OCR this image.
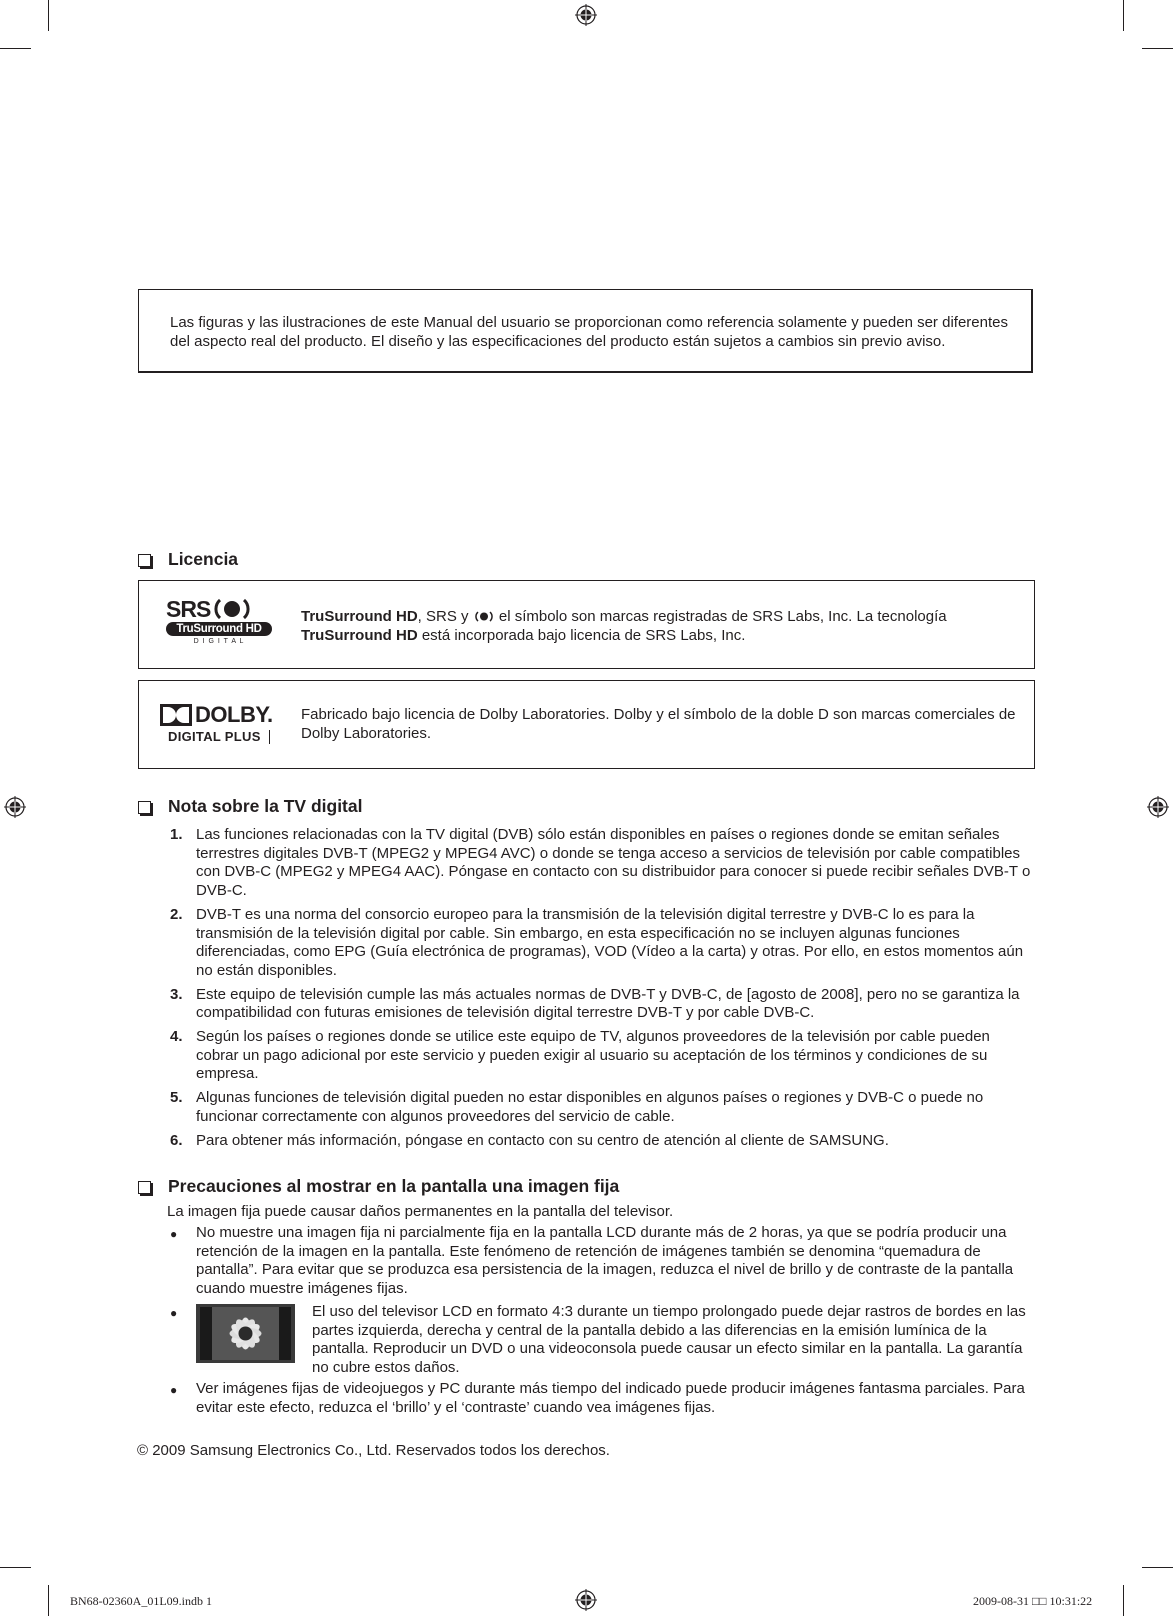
Las figuras y las ilustraciones de este Manual del usuario se proporcionan como referencia solamente y pueden ser diferentes del aspecto real del producto. El diseño y las especificaciones del producto están sujetos a cambios sin previo aviso.
Licencia
SRS
TruSurround HD
D I G I T A L
TruSurround HD, SRS y  el símbolo son marcas registradas de SRS Labs, Inc. La tecnología TruSurround HD está incorporada bajo licencia de SRS Labs, Inc.
DOLBY.
DIGITAL PLUS
Fabricado bajo licencia de Dolby Laboratories. Dolby y el símbolo de la doble D son marcas comerciales de Dolby Laboratories.
Nota sobre la TV digital
1. Las funciones relacionadas con la TV digital (DVB) sólo están disponibles en países o regiones donde se emitan señales terrestres digitales DVB-T (MPEG2 y MPEG4 AVC) o donde se tenga acceso a servicios de televisión por cable compatibles con DVB-C (MPEG2 y MPEG4 AAC). Póngase en contacto con su distribuidor para conocer si puede recibir señales DVB-T o DVB-C.
2. DVB-T es una norma del consorcio europeo para la transmisión de la televisión digital terrestre y DVB-C lo es para la transmisión de la televisión digital por cable. Sin embargo, en esta especificación no se incluyen algunas funciones diferenciadas, como EPG (Guía electrónica de programas), VOD (Vídeo a la carta) y otras. Por ello, en estos momentos aún no están disponibles.
3. Este equipo de televisión cumple las más actuales normas de DVB-T y DVB-C, de [agosto de 2008], pero no se garantiza la compatibilidad con futuras emisiones de televisión digital terrestre DVB-T y por cable DVB-C.
4. Según los países o regiones donde se utilice este equipo de TV, algunos proveedores de la televisión por cable pueden cobrar un pago adicional por este servicio y pueden exigir al usuario su aceptación de los términos y condiciones de su empresa.
5. Algunas funciones de televisión digital pueden no estar disponibles en algunos países o regiones y DVB-C o puede no funcionar correctamente con algunos proveedores del servicio de cable.
6. Para obtener más información, póngase en contacto con su centro de atención al cliente de SAMSUNG.
Precauciones al mostrar en la pantalla una imagen fija
La imagen fija puede causar daños permanentes en la pantalla del televisor.
●	No muestre una imagen fija ni parcialmente fija en la pantalla LCD durante más de 2 horas, ya que se podría producir una retención de la imagen en la pantalla. Este fenómeno de retención de imágenes también se denomina “quemadura de pantalla”. Para evitar que se produzca esa persistencia de la imagen, reduzca el nivel de brillo y de contraste de la pantalla cuando muestre imágenes fijas.
●	El uso del televisor LCD en formato 4:3 durante un tiempo prolongado puede dejar rastros de bordes en las partes izquierda, derecha y central de la pantalla debido a las diferencias en la emisión lumínica de la pantalla. Reproducir un DVD o una videoconsola puede causar un efecto similar en la pantalla. La garantía no cubre estos daños.
●	Ver imágenes fijas de videojuegos y PC durante más tiempo del indicado puede producir imágenes fantasma parciales. Para evitar este efecto, reduzca el ‘brillo’ y el ‘contraste’ cuando vea imágenes fijas.
© 2009 Samsung Electronics Co., Ltd. Reservados todos los derechos.
BN68-02360A_01L09.indb 1	2009-08-31 □□ 10:31:22
